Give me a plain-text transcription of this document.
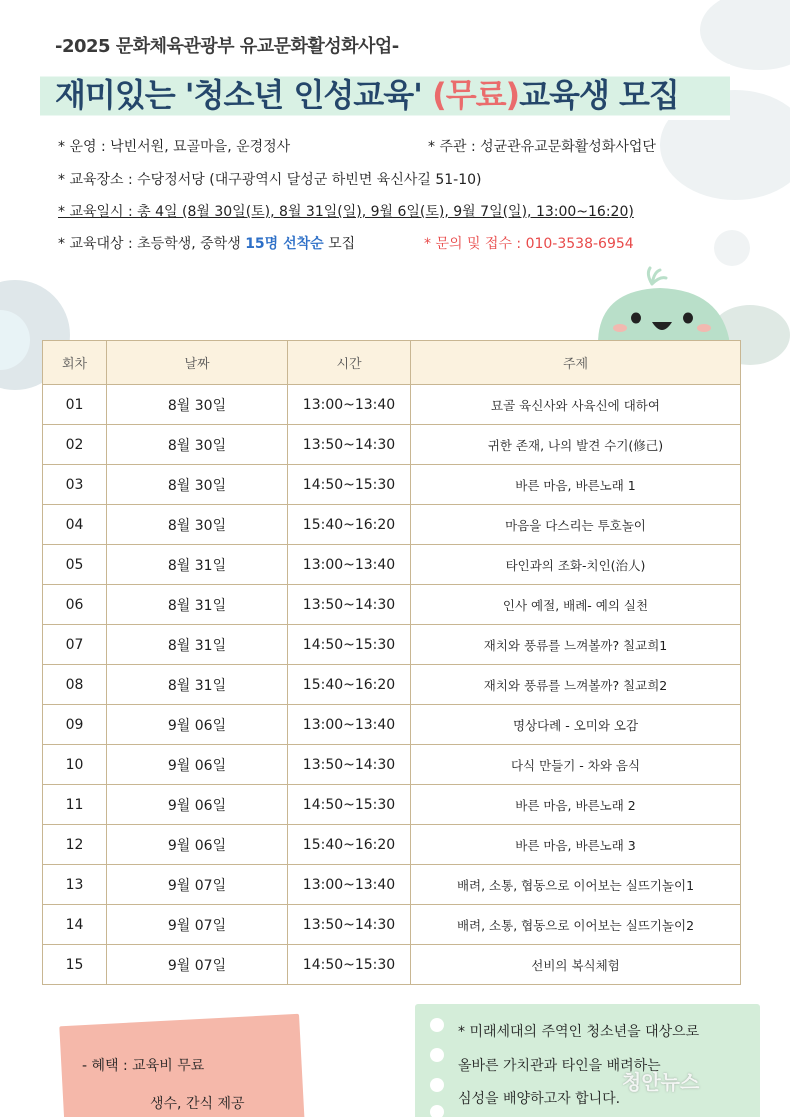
-2025 문화체육관광부 유교문화활성화사업-
재미있는 '청소년 인성교육' (무료)교육생 모집
* 운영 : 낙빈서원, 묘골마을, 운경정사	* 주관 : 성균관유교문화활성화사업단
* 교육장소 : 수당정서당 (대구광역시 달성군 하빈면 육신사길 51-10)
* 교육일시 : 총 4일 (8월 30일(토), 8월 31일(일), 9월 6일(토), 9월 7일(일), 13:00~16:20)
* 교육대상 : 초등학생, 중학생 15명 선착순 모집	* 문의 및 접수 : 010-3538-6954
회차	날짜	시간	주제
01	8월 30일	13:00~13:40	묘골 육신사와 사육신에 대하여
02	8월 30일	13:50~14:30	귀한 존재, 나의 발견 수기(修己)
03	8월 30일	14:50~15:30	바른 마음, 바른노래 1
04	8월 30일	15:40~16:20	마음을 다스리는 투호놀이
05	8월 31일	13:00~13:40	타인과의 조화-치인(治人)
06	8월 31일	13:50~14:30	인사 예절, 배례- 예의 실천
07	8월 31일	14:50~15:30	재치와 풍류를 느껴볼까? 칠교희1
08	8월 31일	15:40~16:20	재치와 풍류를 느껴볼까? 칠교희2
09	9월 06일	13:00~13:40	명상다례 - 오미와 오감
10	9월 06일	13:50~14:30	다식 만들기 - 차와 음식
11	9월 06일	14:50~15:30	바른 마음, 바른노래 2
12	9월 06일	15:40~16:20	바른 마음, 바른노래 3
13	9월 07일	13:00~13:40	배려, 소통, 협동으로 이어보는 실뜨기놀이1
14	9월 07일	13:50~14:30	배려, 소통, 협동으로 이어보는 실뜨기놀이2
15	9월 07일	14:50~15:30	선비의 복식체험
- 혜택 : 교육비 무료
생수, 간식 제공
* 미래세대의 주역인 청소년을 대상으로
올바른 가치관과 타인을 배려하는
심성을 배양하고자 합니다.
청안뉴스
